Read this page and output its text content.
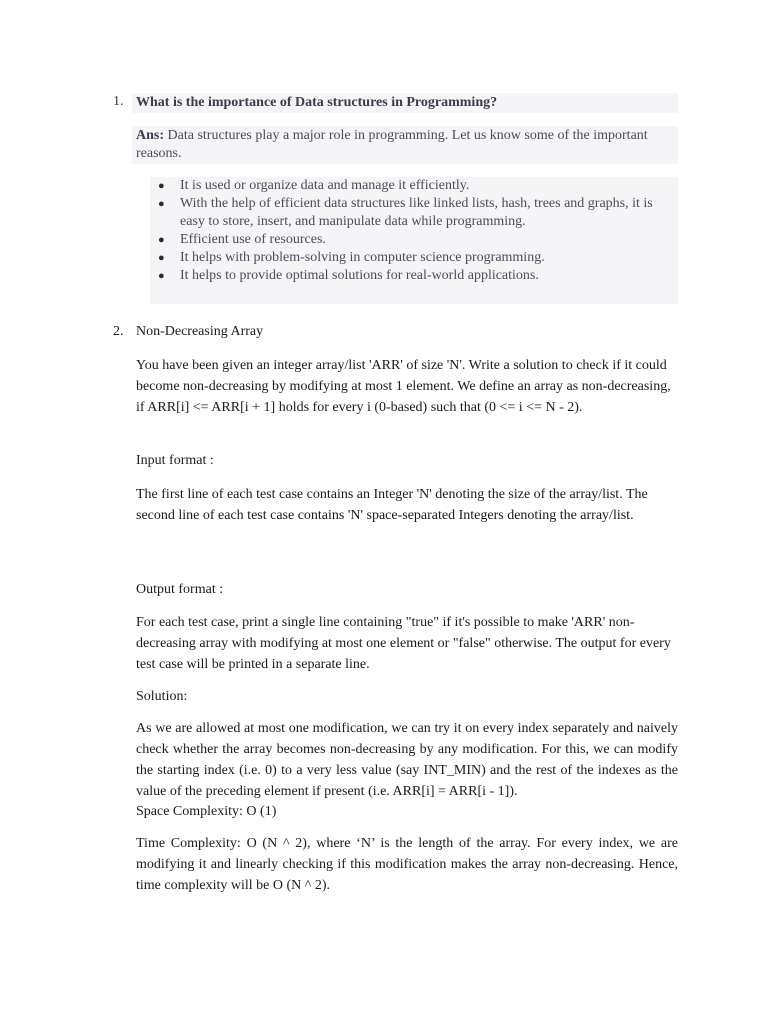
1. What is the importance of Data structures in Programming?
Ans: Data structures play a major role in programming. Let us know some of the important reasons.
● It is used or organize data and manage it efficiently.
● With the help of efficient data structures like linked lists, hash, trees and graphs, it is easy to store, insert, and manipulate data while programming.
● Efficient use of resources.
● It helps with problem-solving in computer science programming.
● It helps to provide optimal solutions for real-world applications.
2. Non-Decreasing Array

You have been given an integer array/list 'ARR' of size 'N'. Write a solution to check if it could become non-decreasing by modifying at most 1 element. We define an array as non-decreasing, if ARR[i] <= ARR[i + 1] holds for every i (0-based) such that (0 <= i <= N - 2).

Input format :

The first line of each test case contains an Integer 'N' denoting the size of the array/list. The second line of each test case contains 'N' space-separated Integers denoting the array/list.

Output format :

For each test case, print a single line containing "true" if it's possible to make 'ARR' non-decreasing array with modifying at most one element or "false" otherwise. The output for every test case will be printed in a separate line.

Solution:

As we are allowed at most one modification, we can try it on every index separately and naively check whether the array becomes non-decreasing by any modification. For this, we can modify the starting index (i.e. 0) to a very less value (say INT_MIN) and the rest of the indexes as the value of the preceding element if present (i.e. ARR[i] = ARR[i - 1]).

Space Complexity: O (1)

Time Complexity: O (N ^ 2), where ‘N’ is the length of the array. For every index, we are modifying it and linearly checking if this modification makes the array non-decreasing. Hence, time complexity will be O (N ^ 2).
